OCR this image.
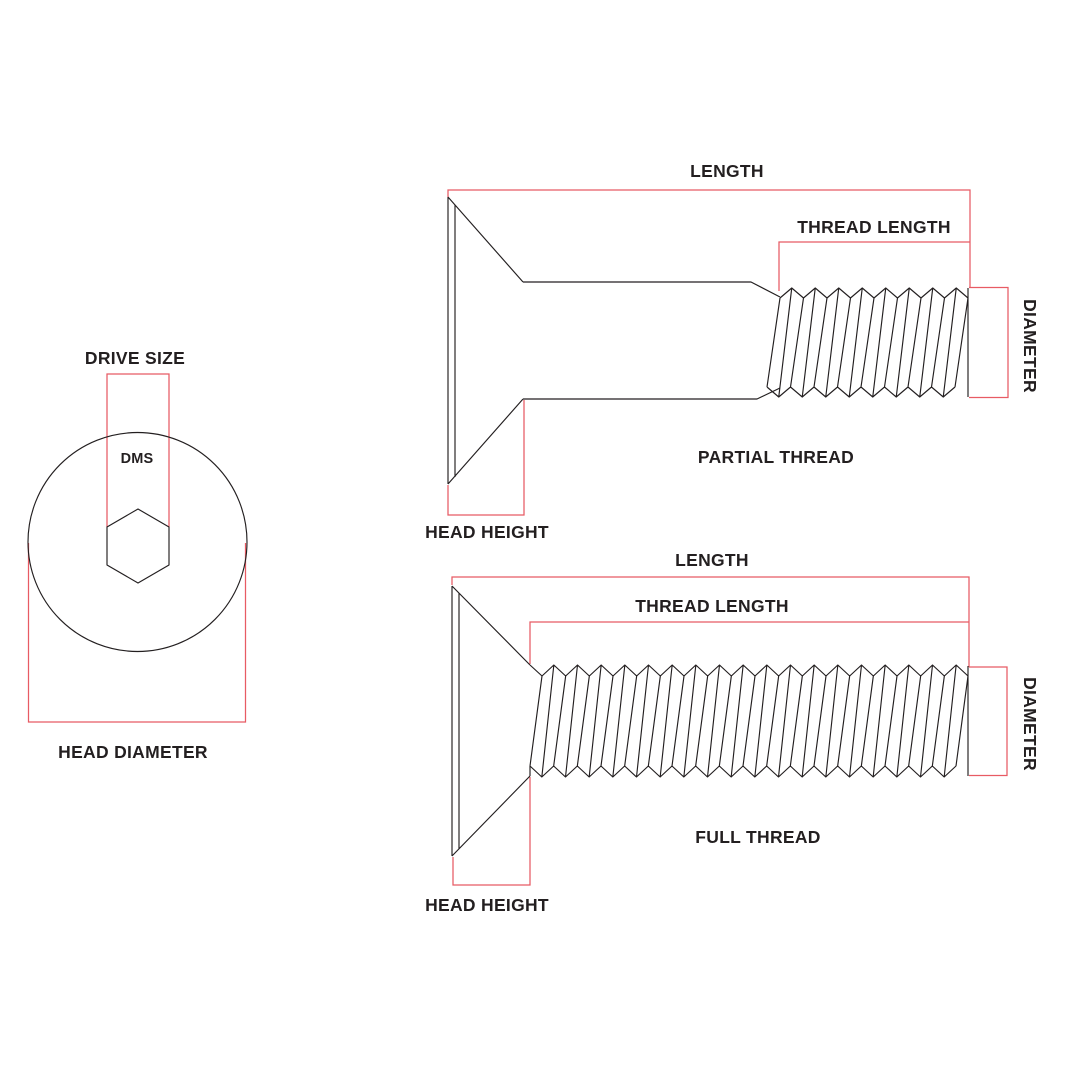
DRIVE SIZE
DMS
HEAD DIAMETER
LENGTH
THREAD LENGTH
DIAMETER
HEAD HEIGHT
PARTIAL THREAD
LENGTH
THREAD LENGTH
DIAMETER
HEAD HEIGHT
FULL THREAD
